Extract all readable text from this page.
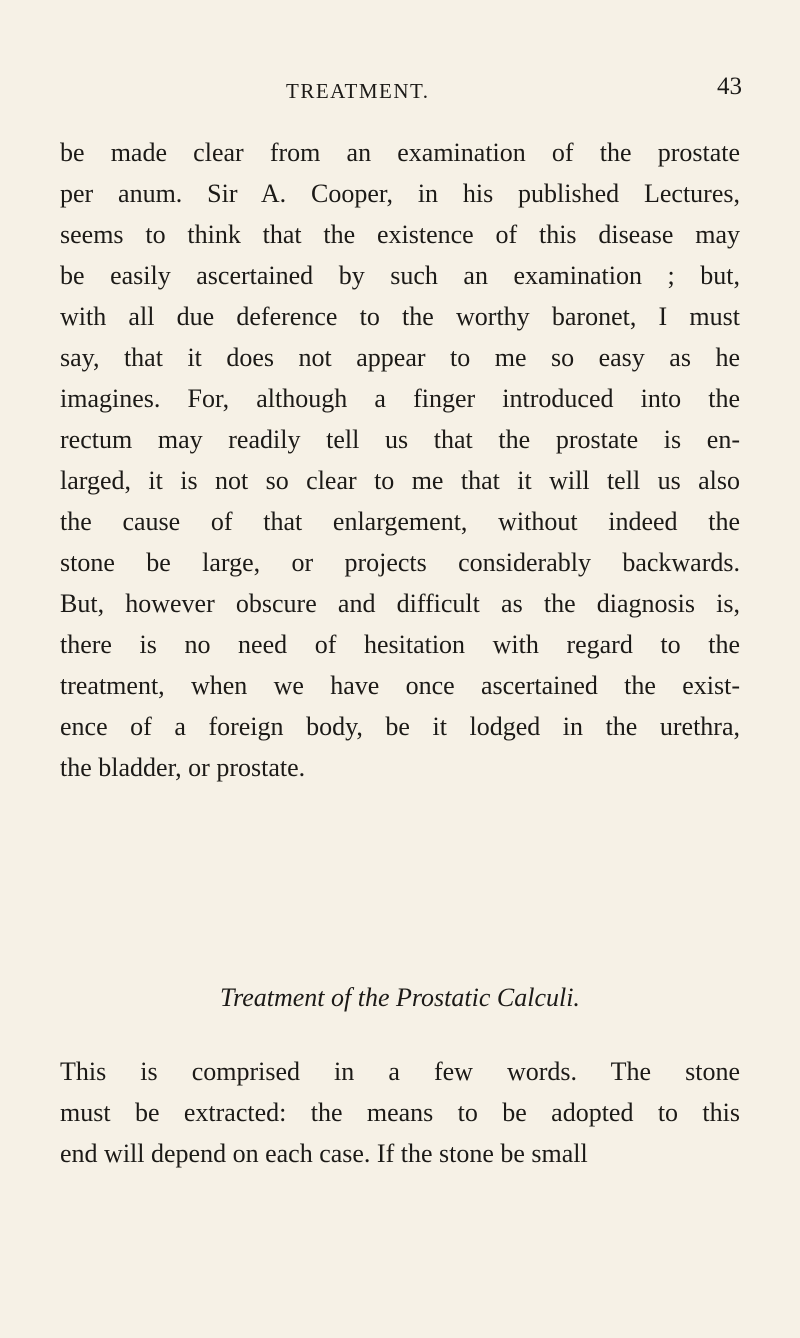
TREATMENT.	43
be made clear from an examination of the prostate
per anum. Sir A. Cooper, in his published Lectures,
seems to think that the existence of this disease may
be easily ascertained by such an examination ; but,
with all due deference to the worthy baronet, I must
say, that it does not appear to me so easy as he
imagines. For, although a finger introduced into the
rectum may readily tell us that the prostate is en-
larged, it is not so clear to me that it will tell us also
the cause of that enlargement, without indeed the
stone be large, or projects considerably backwards.
But, however obscure and difficult as the diagnosis is,
there is no need of hesitation with regard to the
treatment, when we have once ascertained the exist-
ence of a foreign body, be it lodged in the urethra,
the bladder, or prostate.
Treatment of the Prostatic Calculi.
This is comprised in a few words. The stone
must be extracted: the means to be adopted to this
end will depend on each case. If the stone be small
